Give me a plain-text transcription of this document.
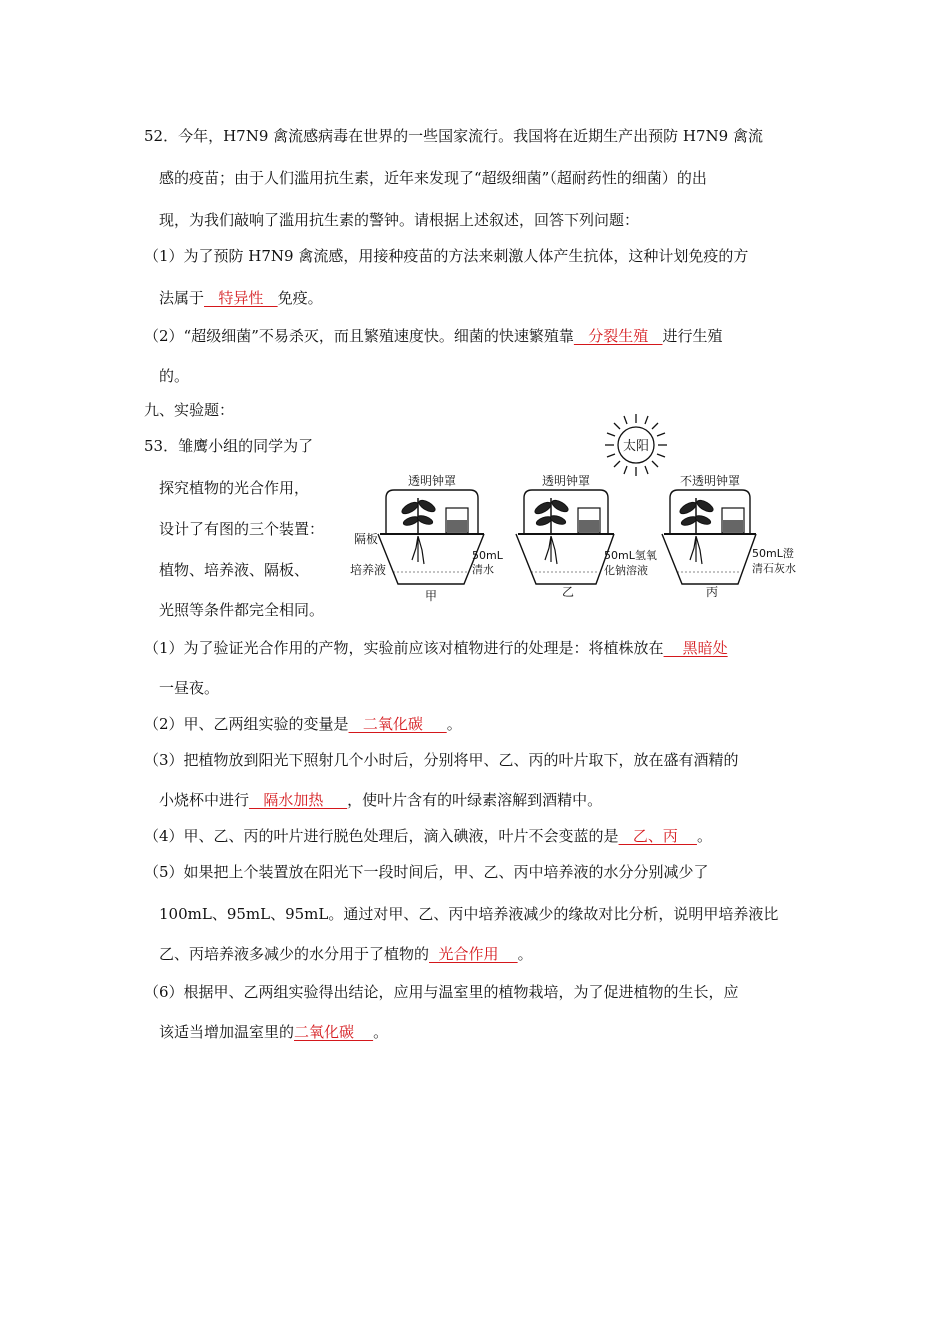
52．今年，H7N9 禽流感病毒在世界的一些国家流行。我国将在近期生产出预防 H7N9 禽流
感的疫苗；由于人们滥用抗生素，近年来发现了“超级细菌”（超耐药性的细菌）的出
现，为我们敲响了滥用抗生素的警钟。请根据上述叙述，回答下列问题：
（1）为了预防 H7N9 禽流感，用接种疫苗的方法来刺激人体产生抗体，这种计划免疫的方
法属于   特异性   免疫。
（2）“超级细菌”不易杀灭，而且繁殖速度快。细菌的快速繁殖靠   分裂生殖   进行生殖
的。
九、实验题：
53．雏鹰小组的同学为了
探究植物的光合作用，
设计了有图的三个装置：
植物、培养液、隔板、
光照等条件都完全相同。
太阳
隔板
培养液
透明钟罩
50mL
清水
甲
透明钟罩
50mL氢氧
化钠溶液
乙
不透明钟罩
50mL澄
清石灰水
丙
（1）为了验证光合作用的产物，实验前应该对植物进行的处理是：将植株放在    黑暗处
一昼夜。
（2）甲、乙两组实验的变量是   二氧化碳     。
（3）把植物放到阳光下照射几个小时后，分别将甲、乙、丙的叶片取下，放在盛有酒精的
小烧杯中进行   隔水加热     ，使叶片含有的叶绿素溶解到酒精中。
（4）甲、乙、丙的叶片进行脱色处理后，滴入碘液，叶片不会变蓝的是   乙、丙    。
（5）如果把上个装置放在阳光下一段时间后，甲、乙、丙中培养液的水分分别减少了
100mL、95mL、95mL。通过对甲、乙、丙中培养液减少的缘故对比分析，说明甲培养液比
乙、丙培养液多减少的水分用于了植物的  光合作用    。
（6）根据甲、乙两组实验得出结论，应用与温室里的植物栽培，为了促进植物的生长，应
该适当增加温室里的二氧化碳    。
